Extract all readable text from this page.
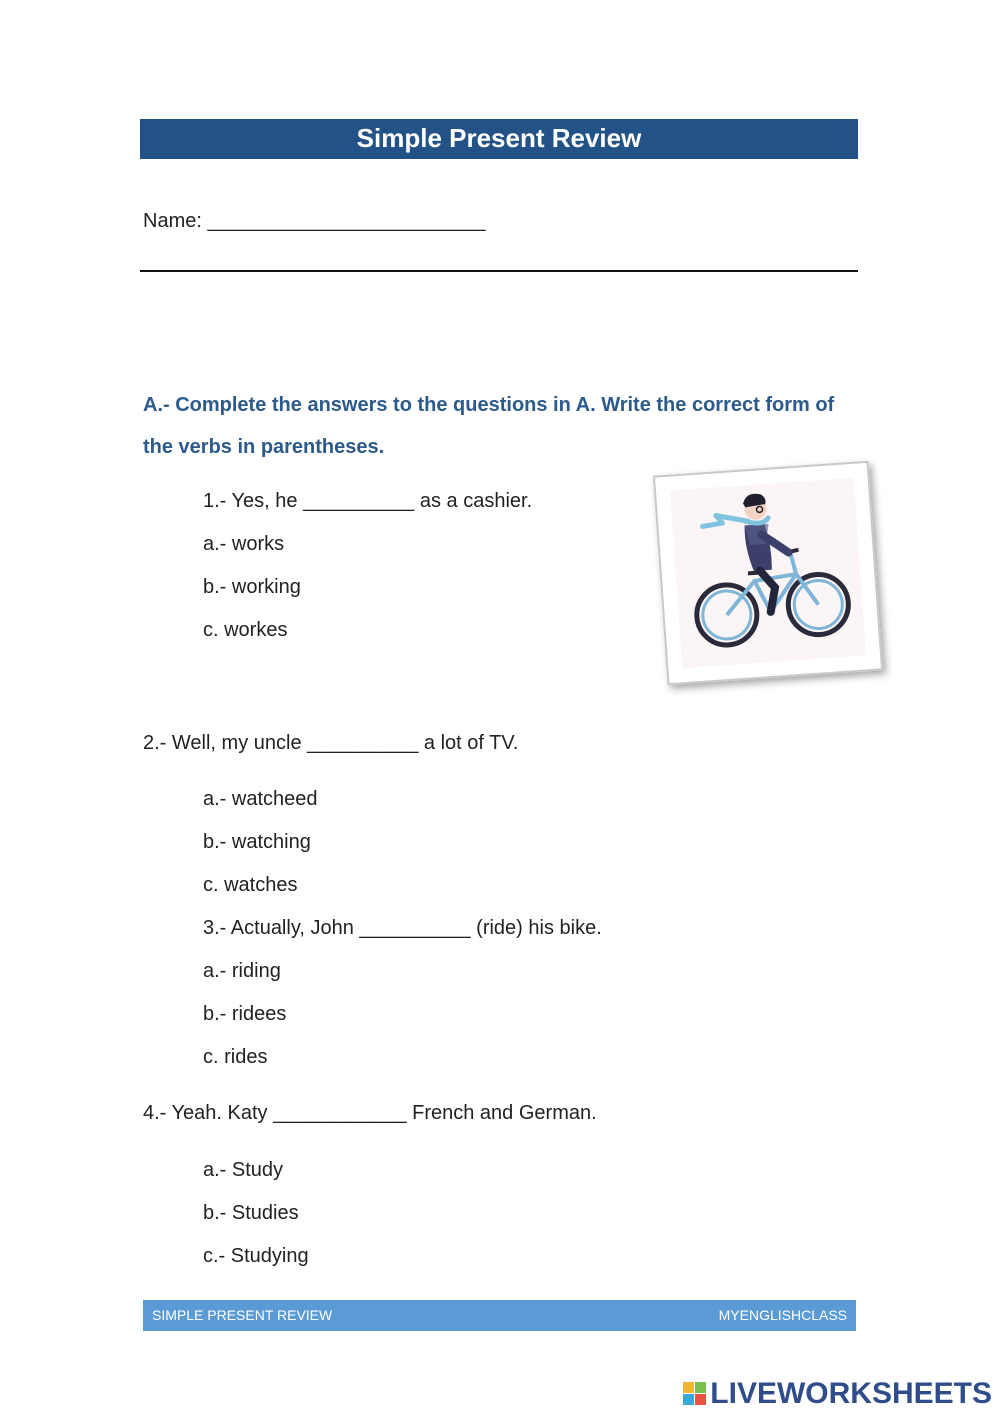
Simple Present Review
Name: _________________________
A.- Complete the answers to the questions in A. Write the correct form of the verbs in parentheses.
1.- Yes, he __________ as a cashier.
a.- works
b.- working
c. workes
2.- Well, my uncle __________ a lot of TV.
a.- watcheed
b.- watching
c. watches
3.- Actually, John __________ (ride) his bike.
a.- riding
b.- ridees
c. rides
4.- Yeah. Katy ____________ French and German.
a.- Study
b.- Studies
c.- Studying
SIMPLE PRESENT REVIEW	MYENGLISHCLASS
LIVEWORKSHEETS
